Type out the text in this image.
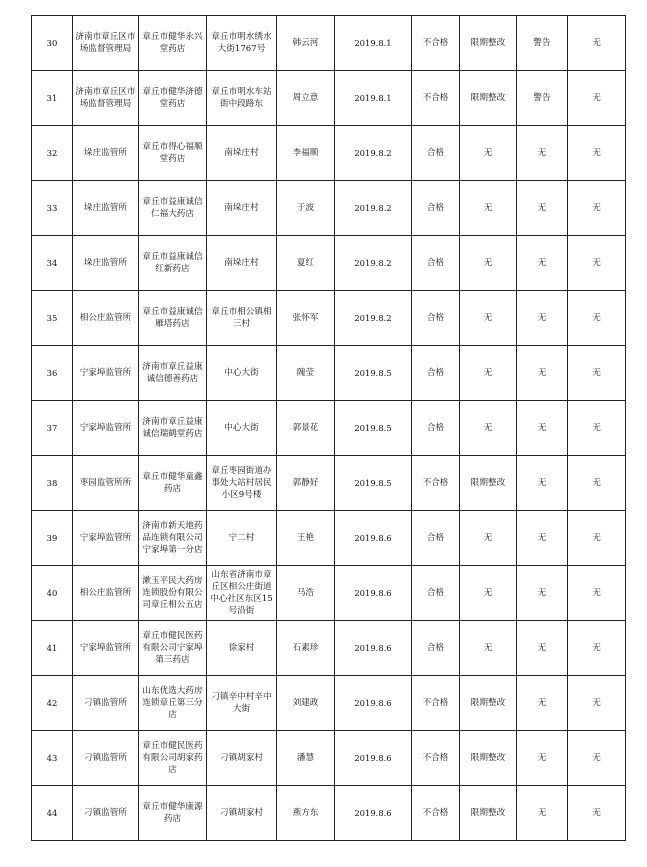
30	济南市章丘区市场监督管理局	章丘市健华永兴堂药店	章丘市明水绣水大街1767号	韩云河	2019.8.1	不合格	限期整改	警告	无
31	济南市章丘区市场监督管理局	章丘市健华济德堂药店	章丘市明水车站街中段路东	周立意	2019.8.1	不合格	限期整改	警告	无
32	垛庄监管所	章丘市得心福顺堂药店	南垛庄村	李福顺	2019.8.2	合格	无	无	无
33	垛庄监管所	章丘市益康诚信仁福大药店	南垛庄村	于波	2019.8.2	合格	无	无	无
34	垛庄监管所	章丘市益康诚信红新药店	南垛庄村	夏红	2019.8.2	合格	无	无	无
35	相公庄监管所	章丘市益康诚信雁塔药店	章丘市相公镇相三村	张怀军	2019.8.2	合格	无	无	无
36	宁家埠监管所	济南市章丘益康诚信德善药店	中心大街	隗莹	2019.8.5	合格	无	无	无
37	宁家埠监管所	济南市章丘益康诚信瑞鹤堂药店	中心大街	郭景花	2019.8.5	合格	无	无	无
38	枣园监管所所	章丘市健华童鑫药店	章丘枣园街道办事处大站村居民小区9号楼	郭静好	2019.8.5	不合格	限期整改	无	无
39	宁家埠监管所	济南市新天地药品连锁有限公司宁家埠第一分店	宁二村	王艳	2019.8.6	合格	无	无	无
40	相公庄监管所	漱玉平民大药房连锁股份有限公司章丘相公五店	山东省济南市章丘区相公庄街道中心社区东区15号沿街	马浩	2019.8.6	合格	无	无	无
41	宁家埠监管所	章丘市健民医药有限公司宁家埠第三药店	徐家村	石素珍	2019.8.6	合格	无	无	无
42	刁镇监管所	山东优选大药房连锁章丘第三分店	刁镇辛中村辛中大街	刘建政	2019.8.6	不合格	限期整改	无	无
43	刁镇监管所	章丘市健民医药有限公司胡家药店	刁镇胡家村	潘慧	2019.8.6	不合格	限期整改	无	无
44	刁镇监管所	章丘市健华康源药店	刁镇胡家村	燕方东	2019.8.6	不合格	限期整改	无	无
